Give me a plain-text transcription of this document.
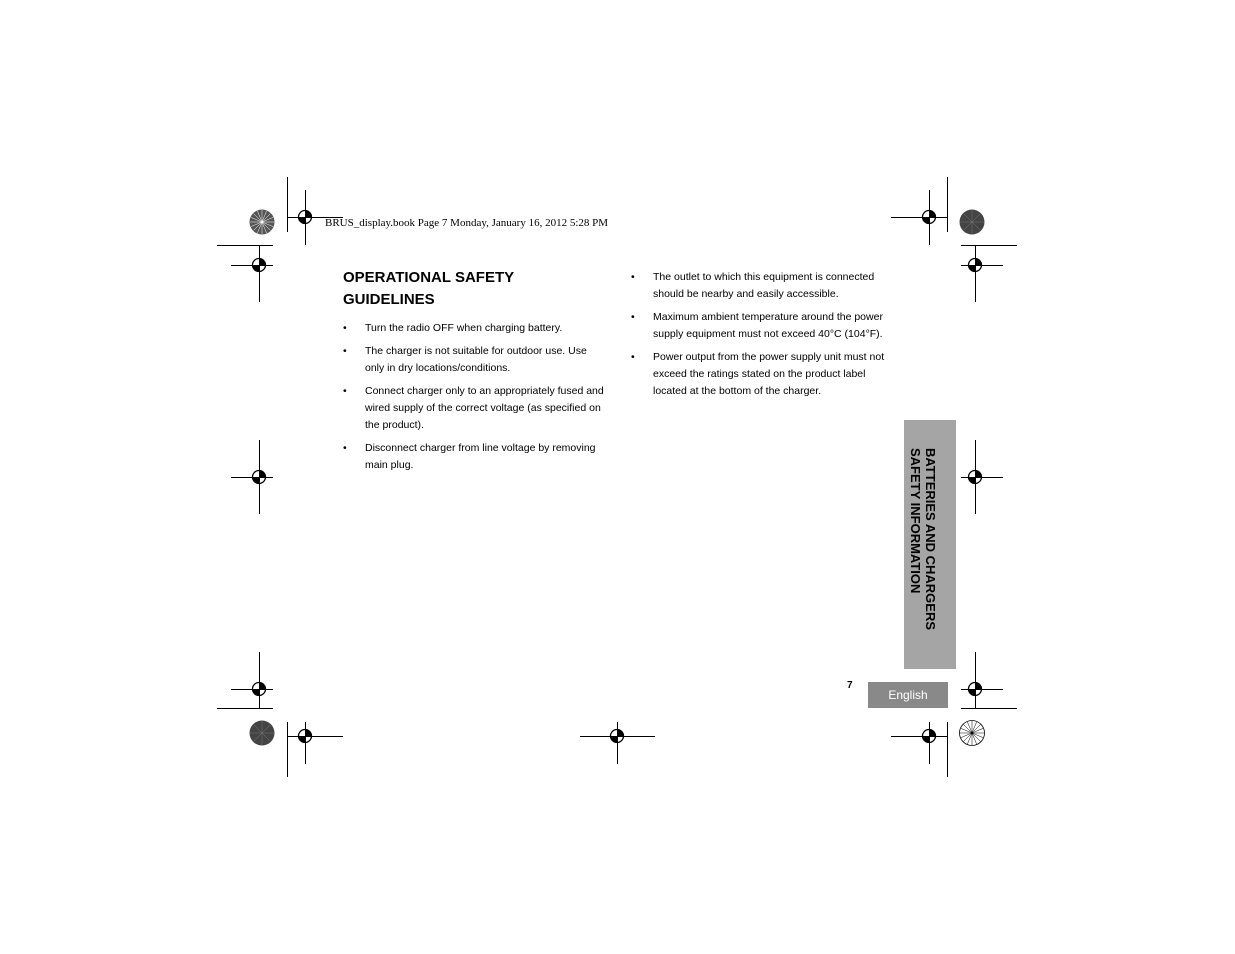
BRUS_display.book Page 7 Monday, January 16, 2012 5:28 PM
OPERATIONAL SAFETY
GUIDELINES
• Turn the radio OFF when charging battery.
• The charger is not suitable for outdoor use. Use only in dry locations/conditions.
• Connect charger only to an appropriately fused and wired supply of the correct voltage (as specified on the product).
• Disconnect charger from line voltage by removing main plug.
• The outlet to which this equipment is connected should be nearby and easily accessible.
• Maximum ambient temperature around the power supply equipment must not exceed 40°C (104°F).
• Power output from the power supply unit must not exceed the ratings stated on the product label located at the bottom of the charger.
BATTERIES AND CHARGERS
SAFETY INFORMATION
7
English
